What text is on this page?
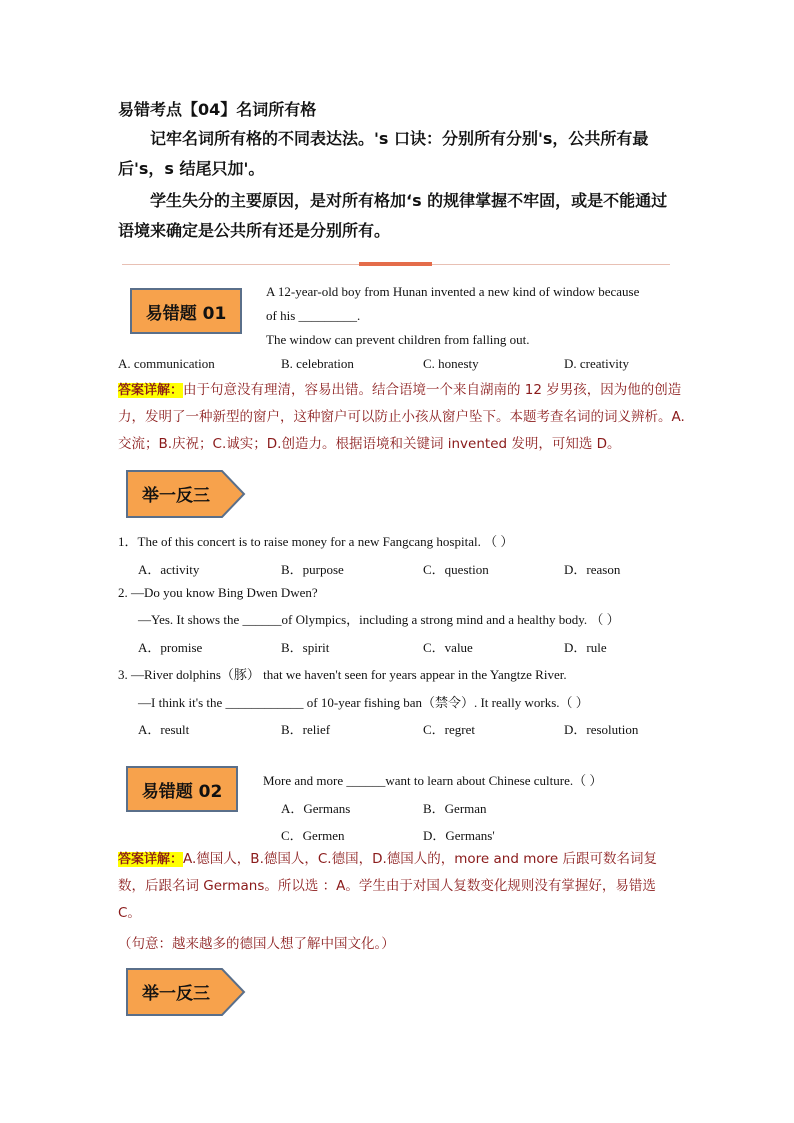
易错考点【04】名词所有格
记牢名词所有格的不同表达法。's 口诀：分别所有分别's，公共所有最后's，s 结尾只加'。
学生失分的主要原因，是对所有格加‘s 的规律掌握不牢固，或是不能通过语境来确定是公共所有还是分别所有。
易错题 01
A 12-year-old boy from Hunan invented a new kind of window because
of his _________.
The window can prevent children from falling out.
A. communication	B. celebration	C. honesty	D. creativity
答案详解：由于句意没有理清，容易出错。结合语境一个来自湖南的 12 岁男孩，因为他的创造力，发明了一种新型的窗户，这种窗户可以防止小孩从窗户坠下。本题考查名词的词义辨析。A.交流；B.庆祝；C.诚实；D.创造力。根据语境和关键词 invented 发明，可知选 D。
举一反三
1．The of this concert is to raise money for a new Fangcang hospital. （ ）
A．activity	B．purpose	C．question	D．reason
2. —Do you know Bing Dwen Dwen?
—Yes. It shows the ______of Olympics，including a strong mind and a healthy body. （ ）
A．promise	B．spirit	C．value	D．rule
3. —River dolphins（豚） that we haven't seen for years appear in the Yangtze River.
—I think it's the ____________ of 10-year fishing ban（禁令）. It really works.（ ）
A．result	B．relief	C．regret	D．resolution
易错题 02
More and more ______want to learn about Chinese culture.（ ）
A．Germans	B．German
C．Germen	D．Germans'
答案详解：A.德国人，B.德国人，C.德国，D.德国人的，more and more 后跟可数名词复数，后跟名词 Germans。所以选 ：A。学生由于对国人复数变化规则没有掌握好，易错选 C。
（句意：越来越多的德国人想了解中国文化。）
举一反三
